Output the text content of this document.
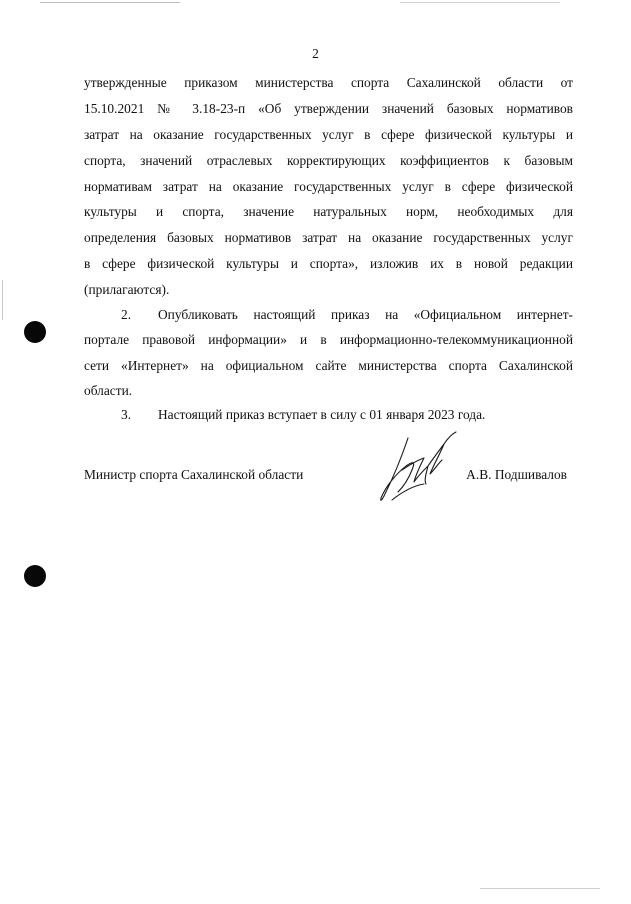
2
утвержденные приказом министерства спорта Сахалинской области от
15.10.2021 № 3.18-23-п «Об утверждении значений базовых нормативов
затрат на оказание государственных услуг в сфере физической культуры и
спорта, значений отраслевых корректирующих коэффициентов к базовым
нормативам затрат на оказание государственных услуг в сфере физической
культуры и спорта, значение натуральных норм, необходимых для
определения базовых нормативов затрат на оказание государственных услуг
в сфере физической культуры и спорта», изложив их в новой редакции
(прилагаются).
2.	Опубликовать настоящий приказ на «Официальном интернет-
портале правовой информации» и в информационно-телекоммуникационной
сети «Интернет» на официальном сайте министерства спорта Сахалинской
области.
3.	Настоящий приказ вступает в силу с 01 января 2023 года.
Министр спорта Сахалинской области	А.В. Подшивалов
